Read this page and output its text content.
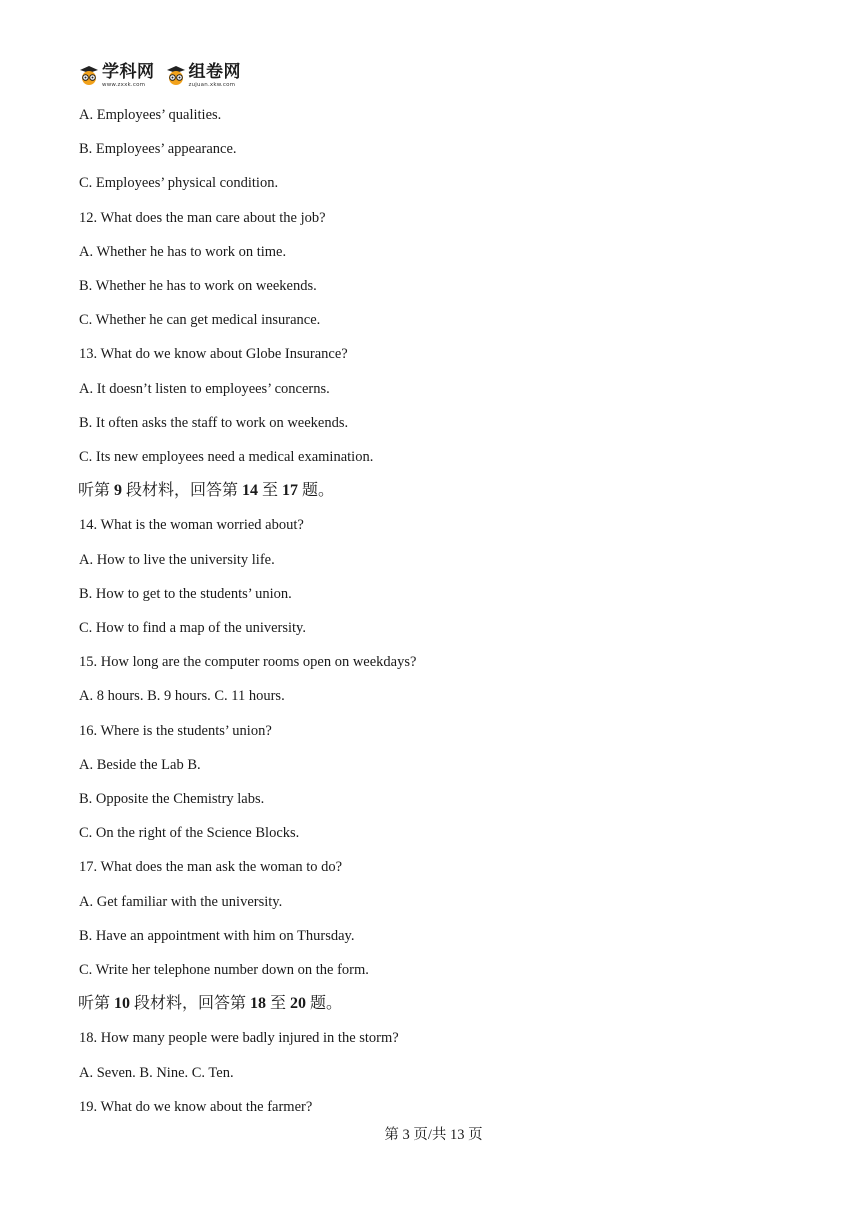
学科网
www.zxxk.com
组卷网
zujuan.xkw.com
A. Employees’ qualities.
B. Employees’ appearance.
C. Employees’ physical condition.
12. What does the man care about the job?
A. Whether he has to work on time.
B. Whether he has to work on weekends.
C. Whether he can get medical insurance.
13. What do we know about Globe Insurance?
A. It doesn’t listen to employees’ concerns.
B. It often asks the staff to work on weekends.
C. Its new employees need a medical examination.
听第 9 段材料，回答第 14 至 17 题。
14. What is the woman worried about?
A. How to live the university life.
B. How to get to the students’ union.
C. How to find a map of the university.
15. How long are the computer rooms open on weekdays?
A. 8 hours. B. 9 hours. C. 11 hours.
16. Where is the students’ union?
A. Beside the Lab B.
B. Opposite the Chemistry labs.
C. On the right of the Science Blocks.
17. What does the man ask the woman to do?
A. Get familiar with the university.
B. Have an appointment with him on Thursday.
C. Write her telephone number down on the form.
听第 10 段材料，回答第 18 至 20 题。
18. How many people were badly injured in the storm?
A. Seven. B. Nine. C. Ten.
19. What do we know about the farmer?
第 3 页/共 13 页
